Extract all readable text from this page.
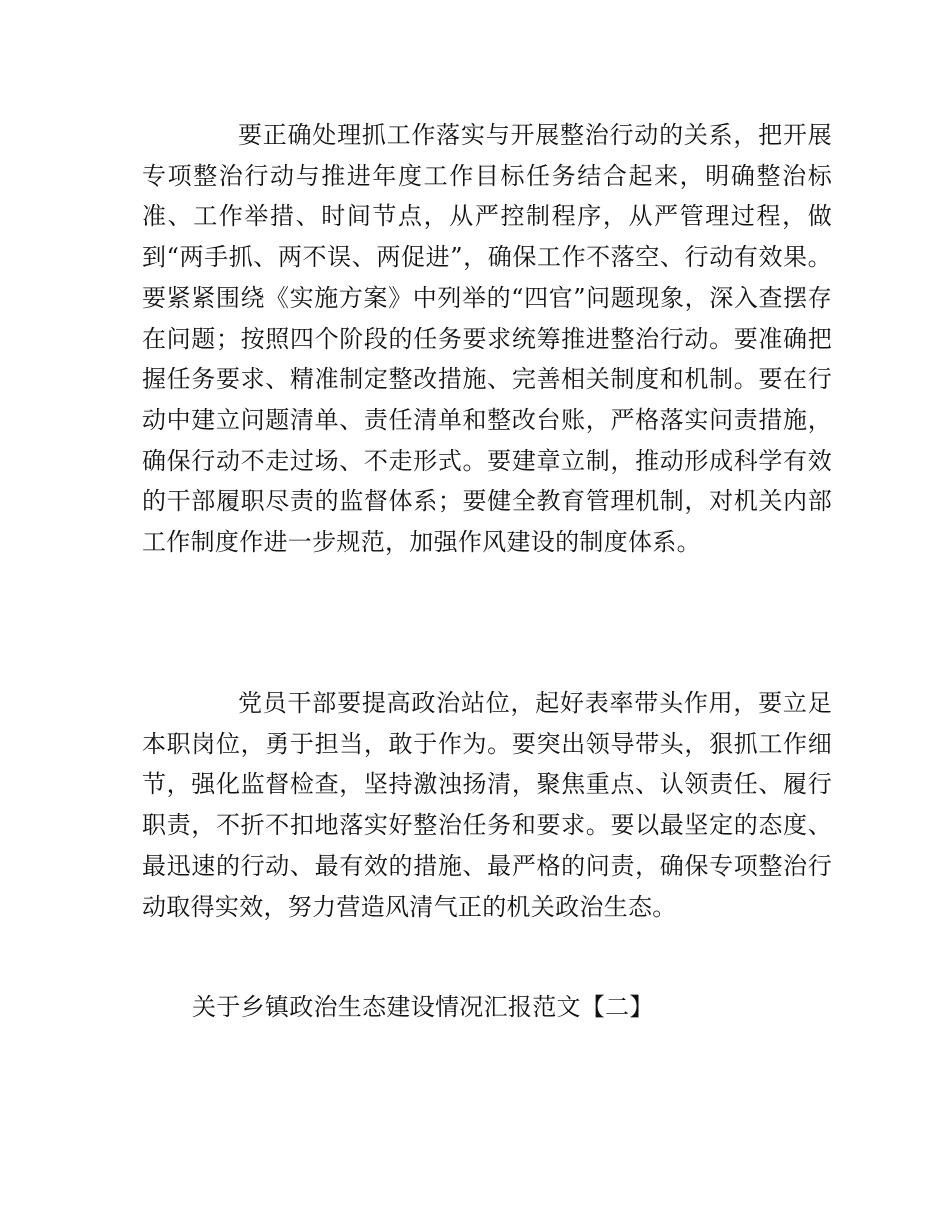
要正确处理抓工作落实与开展整治行动的关系，把开展专项整治行动与推进年度工作目标任务结合起来，明确整治标准、工作举措、时间节点，从严控制程序，从严管理过程，做到“两手抓、两不误、两促进”，确保工作不落空、行动有效果。要紧紧围绕《实施方案》中列举的“四官”问题现象，深入查摆存在问题；按照四个阶段的任务要求统筹推进整治行动。要准确把握任务要求、精准制定整改措施、完善相关制度和机制。要在行动中建立问题清单、责任清单和整改台账，严格落实问责措施，确保行动不走过场、不走形式。要建章立制，推动形成科学有效的干部履职尽责的监督体系；要健全教育管理机制，对机关内部工作制度作进一步规范，加强作风建设的制度体系。

党员干部要提高政治站位，起好表率带头作用，要立足本职岗位，勇于担当，敢于作为。要突出领导带头，狠抓工作细节，强化监督检查，坚持激浊扬清，聚焦重点、认领责任、履行职责，不折不扣地落实好整治任务和要求。要以最坚定的态度、最迅速的行动、最有效的措施、最严格的问责，确保专项整治行动取得实效，努力营造风清气正的机关政治生态。

关于乡镇政治生态建设情况汇报范文【二】
